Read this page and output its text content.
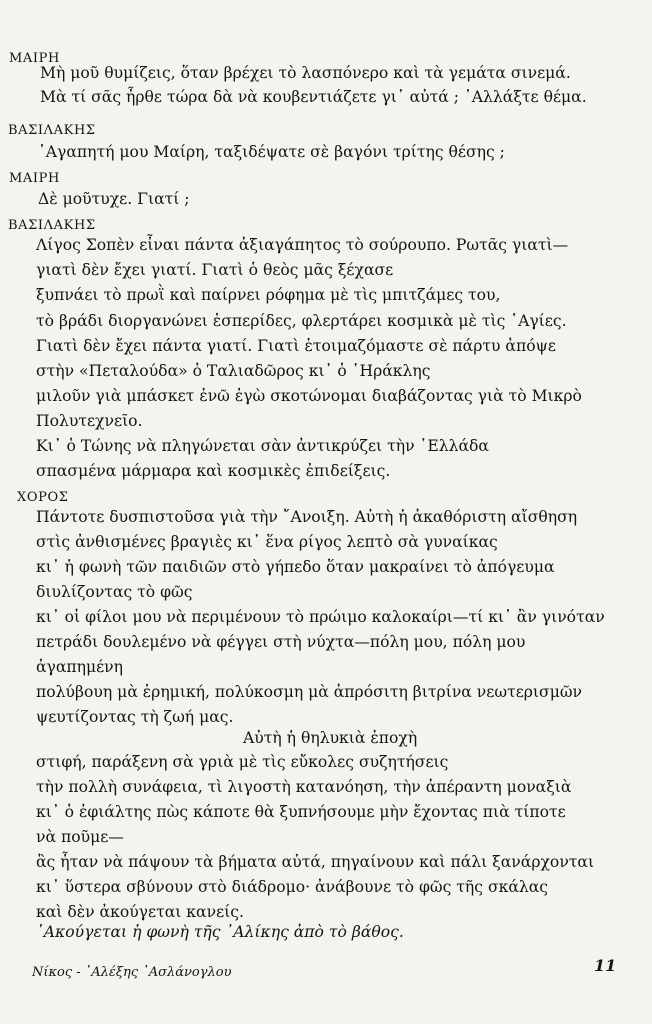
ΜΑΙΡΗ
Μὴ μοῦ θυμίζεις, ὅταν βρέχει τὸ λασπόνερο καὶ τὰ γεμάτα σινεμά.
Μὰ τί σᾶς ἦρθε τώρα δὰ νὰ κουβεντιάζετε γι᾽ αὐτά ; ᾽Αλλάξτε θέμα.
ΒΑΣΙΛΑΚΗΣ
᾽Αγαπητή μου Μαίρη, ταξιδέψατε σὲ βαγόνι τρίτης θέσης ;
ΜΑΙΡΗ
Δὲ μοῦτυχε. Γιατί ;
ΒΑΣΙΛΑΚΗΣ
Λίγος Σοπὲν εἶναι πάντα ἀξιαγάπητος τὸ σούρουπο. Ρωτᾶς γιατὶ—
γιατὶ δὲν ἔχει γιατί. Γιατὶ ὁ θεὸς μᾶς ξέχασε
ξυπνάει τὸ πρωῒ καὶ παίρνει ρόφημα μὲ τὶς μπιτζάμες του,
τὸ βράδι διοργανώνει ἑσπερίδες, φλερτάρει κοσμικὰ μὲ τὶς ῾Αγίες.
Γιατὶ δὲν ἔχει πάντα γιατί. Γιατὶ ἑτοιμαζόμαστε σὲ πάρτυ ἀπόψε
στὴν «Πεταλούδα» ὁ Ταλιαδῶρος κι᾽ ὁ ῾Ηράκλης
μιλοῦν γιὰ μπάσκετ ἐνῶ ἐγὼ σκοτώνομαι διαβάζοντας γιὰ τὸ Μικρὸ
Πολυτεχνεῖο.
Κι᾽ ὁ Τώνης νὰ πληγώνεται σὰν ἀντικρύζει τὴν ῾Ελλάδα
σπασμένα μάρμαρα καὶ κοσμικὲς ἐπιδείξεις.
ΧΟΡΟΣ
Πάντοτε δυσπιστοῦσα γιὰ τὴν ῎Ανοιξη. Αὐτὴ ἡ ἀκαθόριστη αἴσθηση
στὶς ἀνθισμένες βραγιὲς κι᾽ ἕνα ρίγος λεπτὸ σὰ γυναίκας
κι᾽ ἡ φωνὴ τῶν παιδιῶν στὸ γήπεδο ὅταν μακραίνει τὸ ἀπόγευμα
διυλίζοντας τὸ φῶς
κι᾽ οἱ φίλοι μου νὰ περιμένουν τὸ πρώιμο καλοκαίρι—τί κι᾽ ἂν γινόταν
πετράδι δουλεμένο νὰ φέγγει στὴ νύχτα—πόλη μου, πόλη μου
ἀγαπημένη
πολύβουη μὰ ἐρημική, πολύκοσμη μὰ ἀπρόσιτη βιτρίνα νεωτερισμῶν
ψευτίζοντας τὴ ζωή μας.
Αὐτὴ ἡ θηλυκιὰ ἐποχὴ
στιφή, παράξενη σὰ γριὰ μὲ τὶς εὔκολες συζητήσεις
τὴν πολλὴ συνάφεια, τὶ λιγοστὴ κατανόηση, τὴν ἀπέραντη μοναξιὰ
κι᾽ ὁ ἐφιάλτης πὼς κάποτε θὰ ξυπνήσουμε μὴν ἔχοντας πιὰ τίποτε
νὰ ποῦμε—
ἂς ἦταν νὰ πάψουν τὰ βήματα αὐτά, πηγαίνουν καὶ πάλι ξανάρχονται
κι᾽ ὕστερα σβύνουν στὸ διάδρομο· ἀνάβουνε τὸ φῶς τῆς σκάλας
καὶ δὲν ἀκούγεται κανείς.
᾽Ακούγεται ἡ φωνὴ τῆς ᾽Αλίκης ἀπὸ τὸ βάθος.
Νίκος - ᾽Αλέξης ᾽Ασλάνογλου	11
